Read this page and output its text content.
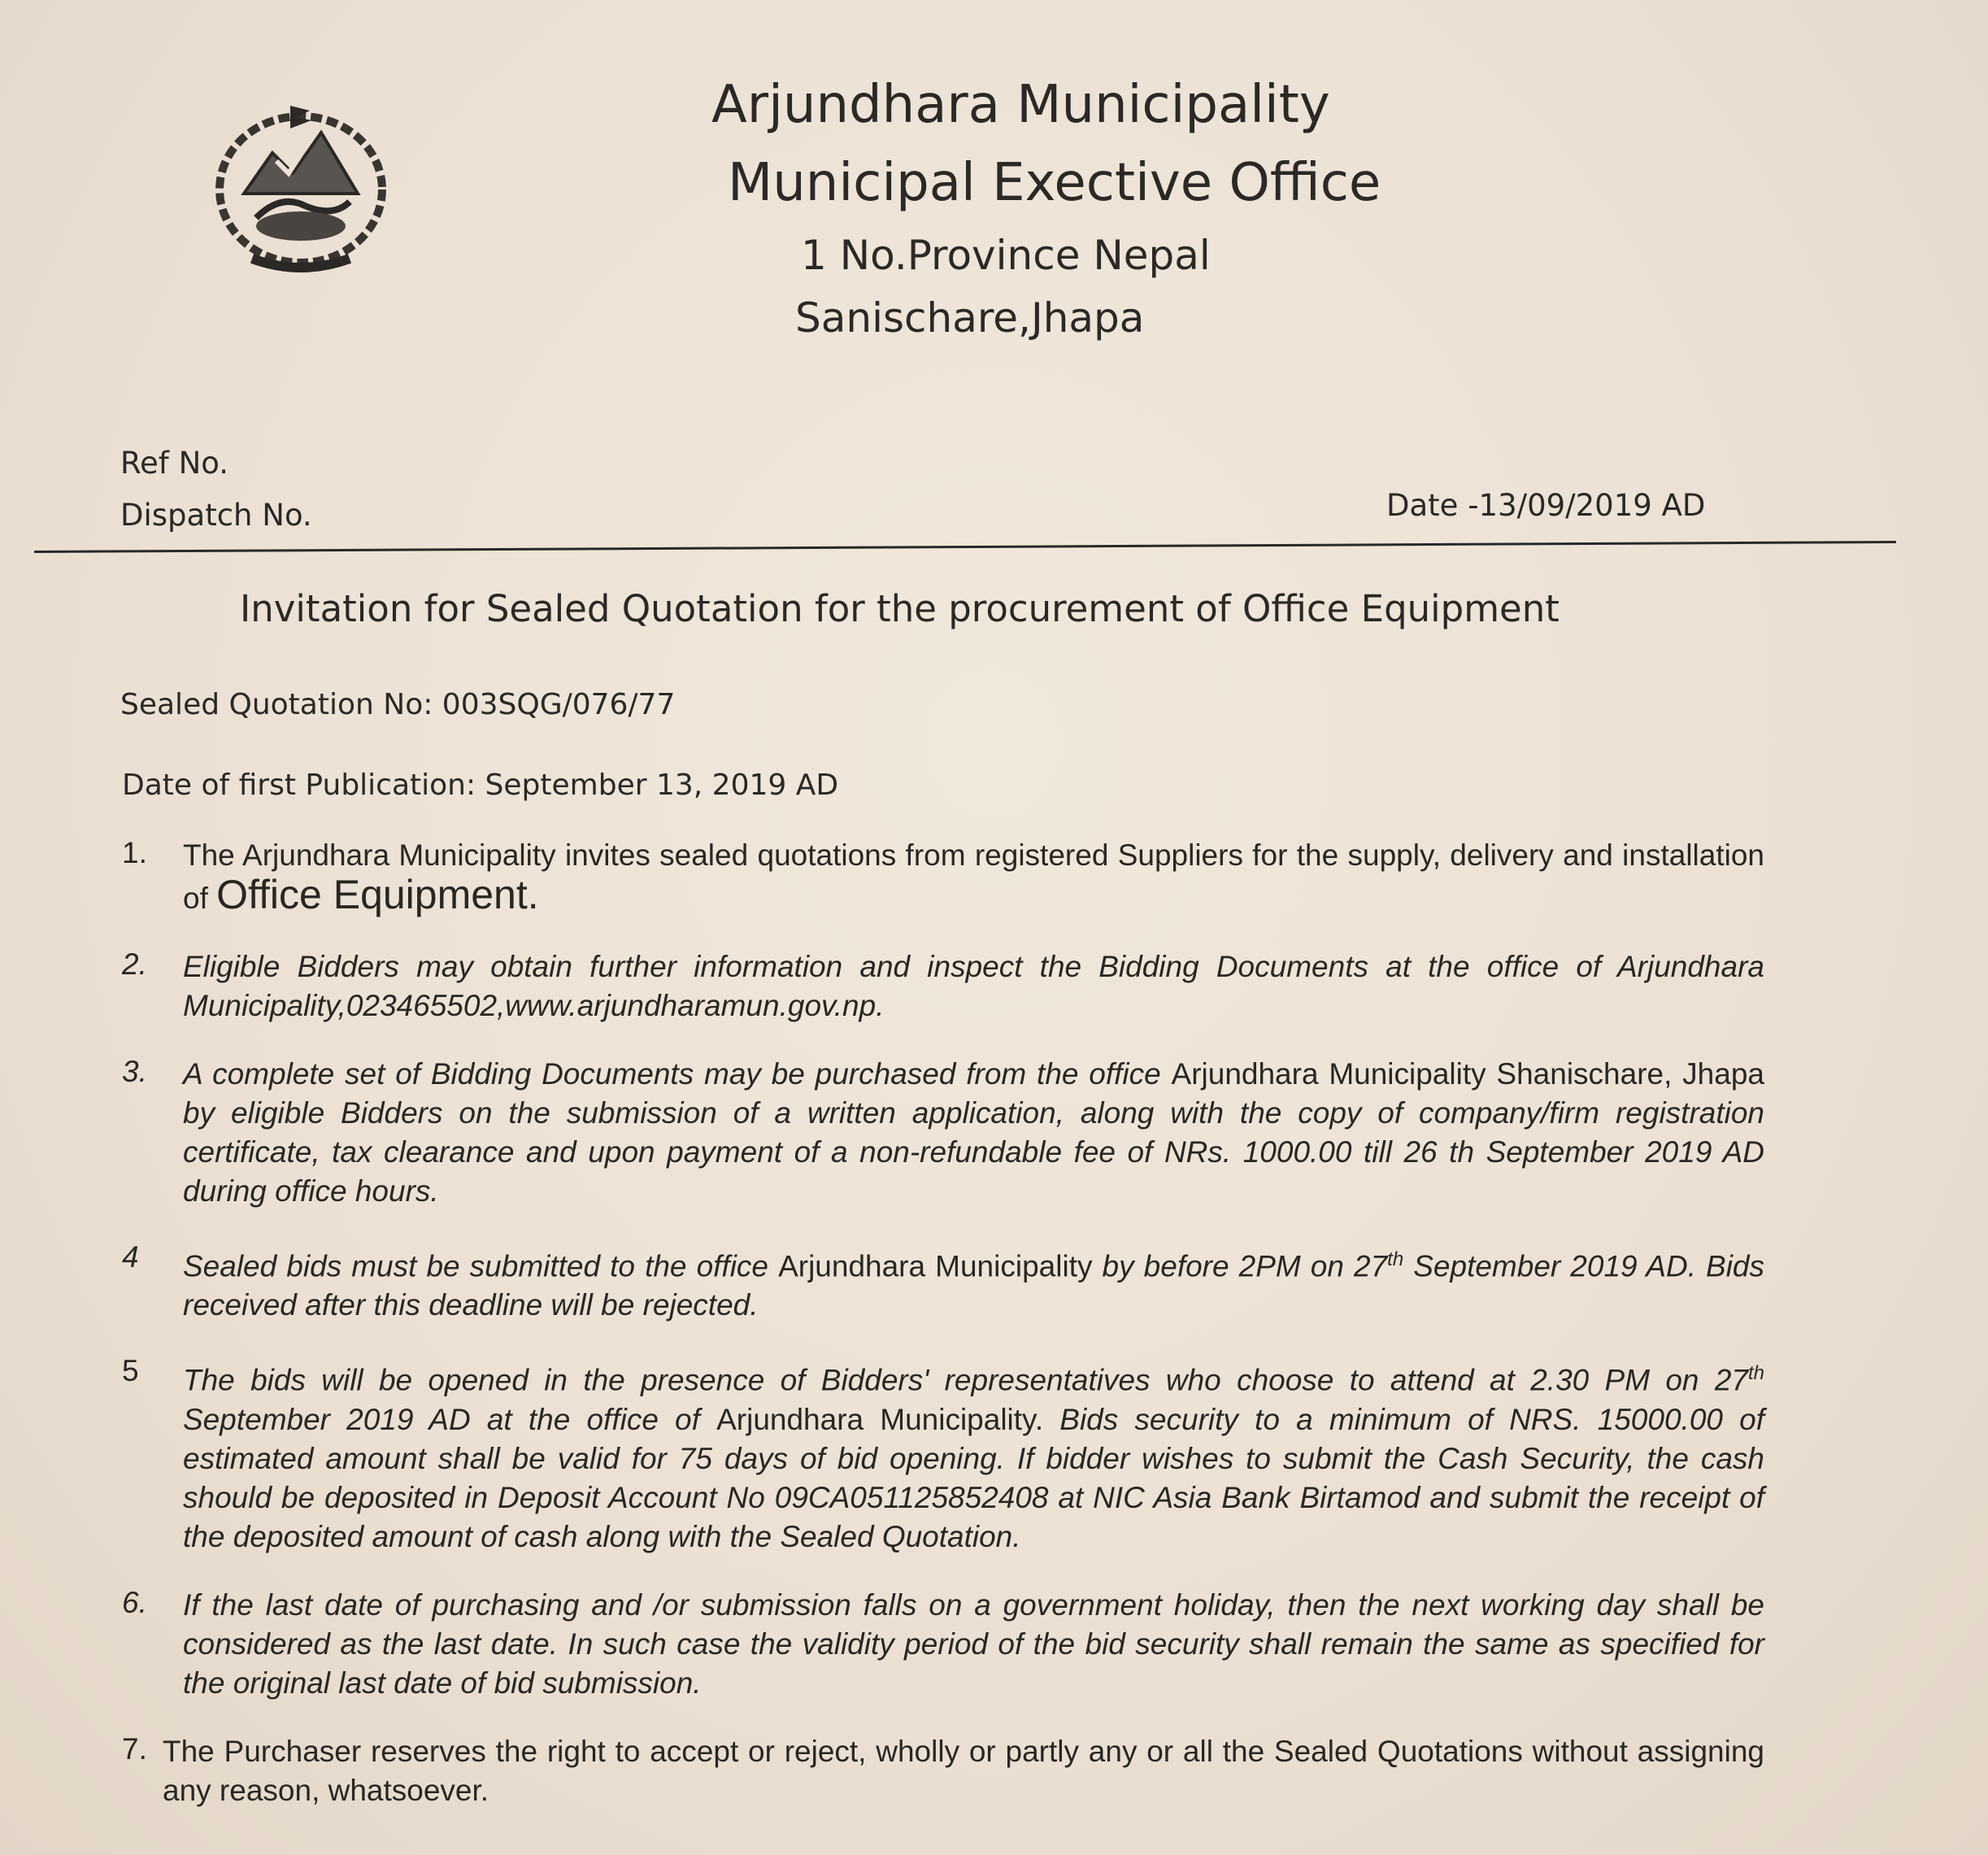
Arjundhara Municipality
Municipal Exective Office
1 No.Province Nepal
Sanischare,Jhapa
Ref No.
Dispatch No.	Date -13/09/2019 AD
Invitation for Sealed Quotation for the procurement of Office Equipment
Sealed Quotation No: 003SQG/076/77
Date of first Publication: September 13, 2019 AD
1.	The Arjundhara Municipality invites sealed quotations from registered Suppliers for the supply, delivery and installation of Office Equipment.
2.	Eligible Bidders may obtain further information and inspect the Bidding Documents at the office of Arjundhara Municipality,023465502,www.arjundharamun.gov.np.
3.	A complete set of Bidding Documents may be purchased from the office Arjundhara Municipality Shanischare, Jhapa by eligible Bidders on the submission of a written application, along with the copy of company/firm registration certificate, tax clearance and upon payment of a non-refundable fee of NRs. 1000.00 till 26 th September 2019 AD during office hours.
4	Sealed bids must be submitted to the office Arjundhara Municipality by before 2PM on 27th September 2019 AD. Bids received after this deadline will be rejected.
5	The bids will be opened in the presence of Bidders' representatives who choose to attend at 2.30 PM on 27th September 2019 AD at the office of Arjundhara Municipality. Bids security to a minimum of NRS. 15000.00 of estimated amount shall be valid for 75 days of bid opening. If bidder wishes to submit the Cash Security, the cash should be deposited in Deposit Account No 09CA051125852408 at NIC Asia Bank Birtamod and submit the receipt of the deposited amount of cash along with the Sealed Quotation.
6.	If the last date of purchasing and /or submission falls on a government holiday, then the next working day shall be considered as the last date. In such case the validity period of the bid security shall remain the same as specified for the original last date of bid submission.
7. The Purchaser reserves the right to accept or reject, wholly or partly any or all the Sealed Quotations without assigning any reason, whatsoever.
